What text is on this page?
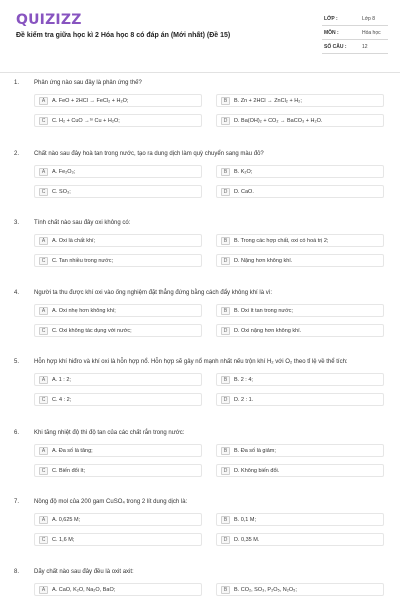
QUIZIZZ
Đề kiểm tra giữa học kì 2 Hóa học 8 có đáp án (Mới nhất) (Đề 15)
LỚP :	Lớp 8
MÔN :	Hóa học
SỐ CÂU :	12
1. Phản ứng nào sau đây là phản ứng thế?
A	A. FeO + 2HCl → FeCl₂ + H₂O;	B	B. Zn + 2HCl → ZnCl₂ + H₂;
C	C. H₂ + CuO →ᵗᵒ Cu + H₂O;	D	D. Ba(OH)₂ + CO₂ → BaCO₃ + H₂O.
2. Chất nào sau đây hoà tan trong nước, tạo ra dung dịch làm quỳ chuyển sang màu đỏ?
A	A. Fe₂O₃;	B	B. K₂O;
C	C. SO₃;	D	D. CaO.
3. Tính chất nào sau đây oxi không có:
A	A. Oxi là chất khí;	B	B. Trong các hợp chất, oxi có hoá trị 2;
C	C. Tan nhiều trong nước;	D	D. Nặng hơn không khí.
4. Người ta thu được khí oxi vào ống nghiệm đặt thẳng đứng bằng cách đẩy không khí là vì:
A	A. Oxi nhẹ hơn không khí;	B	B. Oxi ít tan trong nước;
C	C. Oxi không tác dụng với nước;	D	D. Oxi nặng hơn không khí.
5. Hỗn hợp khí hiđro và khí oxi là hỗn hợp nổ. Hỗn hợp sẽ gây nổ mạnh nhất nếu trộn khí H₂ với O₂ theo tỉ lệ về thể tích:
A	A. 1 : 2;	B	B. 2 : 4;
C	C. 4 : 2;	D	D. 2 : 1.
6. Khi tăng nhiệt độ thì độ tan của các chất rắn trong nước:
A	A. Đa số là tăng;	B	B. Đa số là giảm;
C	C. Biến đổi ít;	D	D. Không biến đổi.
7. Nồng độ mol của 200 gam CuSO₄ trong 2 lít dung dịch là:
A	A. 0,625 M;	B	B. 0,1 M;
C	C. 1,6 M;	D	D. 0,35 M.
8. Dãy chất nào sau đây đều là oxit axit:
A	A. CaO, K₂O, Na₂O, BaO;	B	B. CO₂, SO₃, P₂O₅, N₂O₅;
